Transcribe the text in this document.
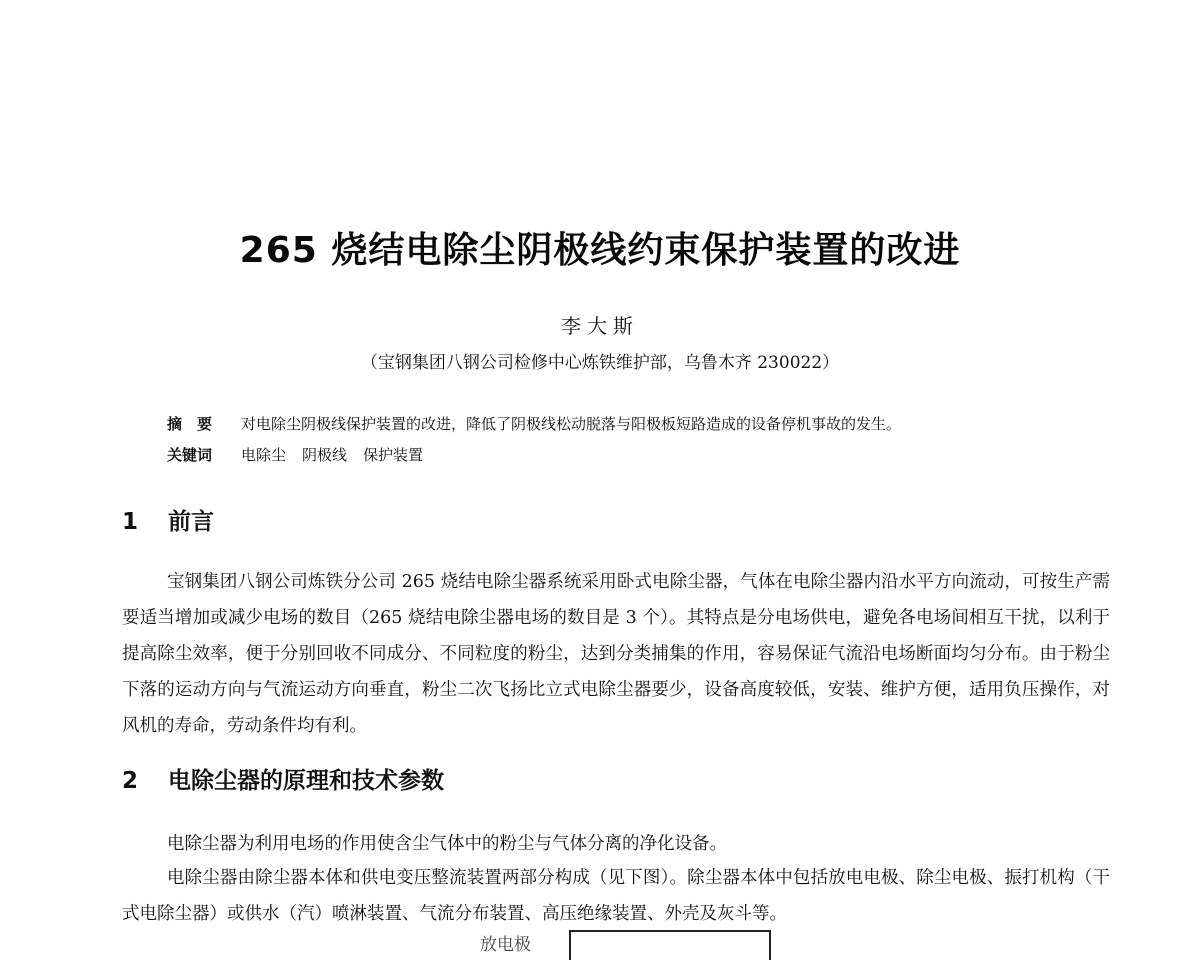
265 烧结电除尘阴极线约束保护装置的改进
李大斯
（宝钢集团八钢公司检修中心炼铁维护部，乌鲁木齐 230022）
摘　要 对电除尘阴极线保护装置的改进，降低了阴极线松动脱落与阳极板短路造成的设备停机事故的发生。
关键词 电除尘 阴极线 保护装置
1 前言
宝钢集团八钢公司炼铁分公司 265 烧结电除尘器系统采用卧式电除尘器，气体在电除尘器内沿水平方向流动，可按生产需要适当增加或减少电场的数目（265 烧结电除尘器电场的数目是 3 个）。其特点是分电场供电，避免各电场间相互干扰，以利于提高除尘效率，便于分别回收不同成分、不同粒度的粉尘，达到分类捕集的作用，容易保证气流沿电场断面均匀分布。由于粉尘下落的运动方向与气流运动方向垂直，粉尘二次飞扬比立式电除尘器要少，设备高度较低，安装、维护方便，适用负压操作，对风机的寿命，劳动条件均有利。
2 电除尘器的原理和技术参数
电除尘器为利用电场的作用使含尘气体中的粉尘与气体分离的净化设备。
电除尘器由除尘器本体和供电变压整流装置两部分构成（见下图）。除尘器本体中包括放电电极、除尘电极、振打机构（干式电除尘器）或供水（汽）喷淋装置、气流分布装置、高压绝缘装置、外壳及灰斗等。
放电极
